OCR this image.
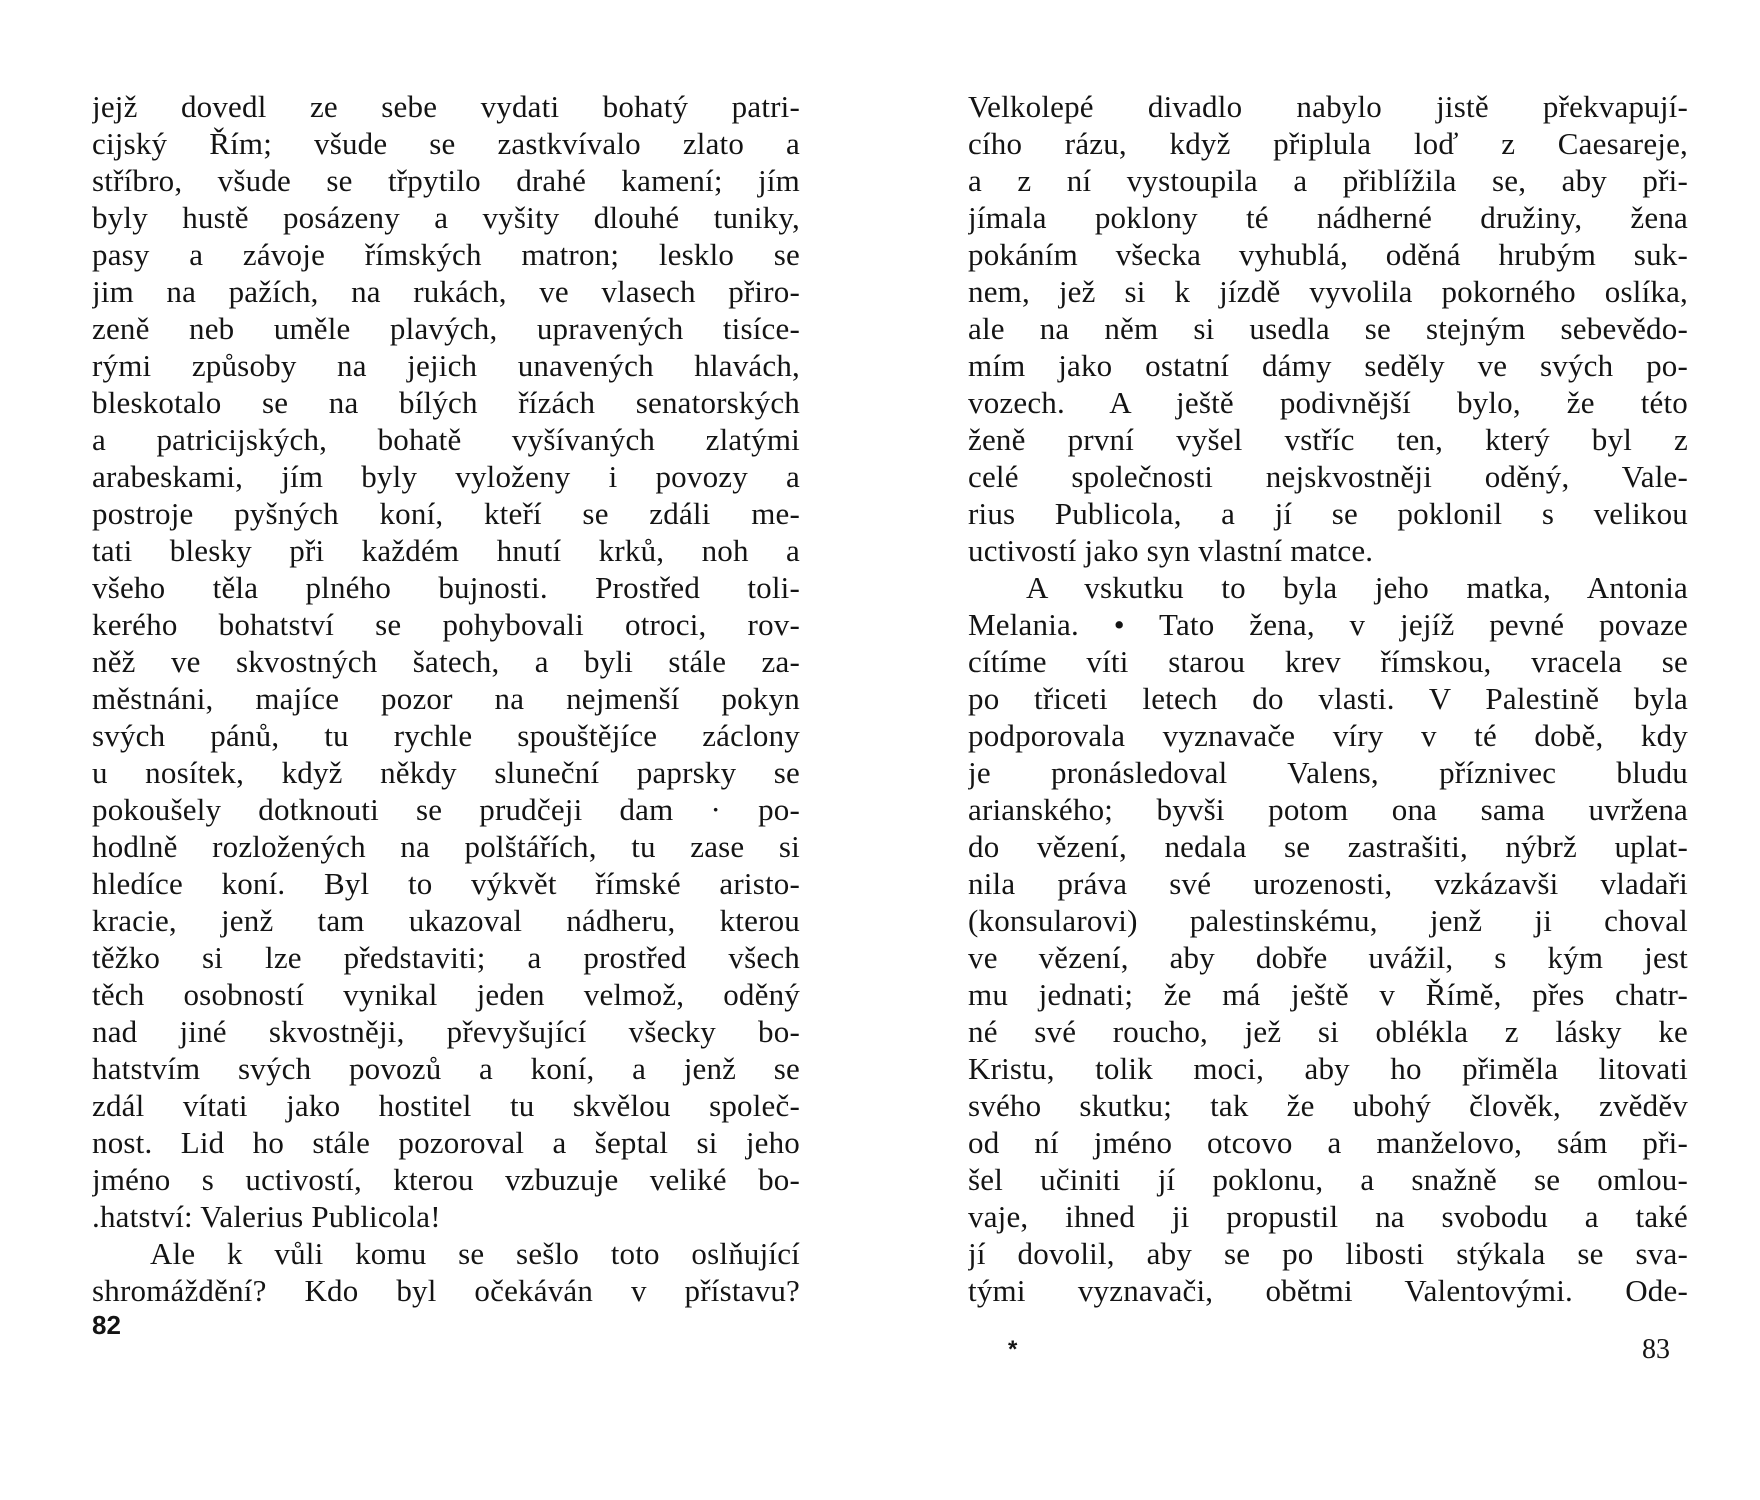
jejž dovedl ze sebe vydati bohatý patri-
cijský Řím; všude se zastkvívalo zlato a
stříbro, všude se třpytilo drahé kamení; jím
byly hustě posázeny a vyšity dlouhé tuniky,
pasy a závoje římských matron; lesklo se
jim na pažích, na rukách, ve vlasech přiro-
zeně neb uměle plavých, upravených tisíce-
rými způsoby na jejich unavených hlavách,
bleskotalo se na bílých řízách senatorských
a patricijských, bohatě vyšívaných zlatými
arabeskami, jím byly vyloženy i povozy a
postroje pyšných koní, kteří se zdáli me-
tati blesky při každém hnutí krků, noh a
všeho těla plného bujnosti. Prostřed toli-
kerého bohatství se pohybovali otroci, rov-
něž ve skvostných šatech, a byli stále za-
městnáni, majíce pozor na nejmenší pokyn
svých pánů, tu rychle spouštějíce záclony
u nosítek, když někdy sluneční paprsky se
pokoušely dotknouti se prudčeji dam · po-
hodlně rozložených na polštářích, tu zase si
hledíce koní. Byl to výkvět římské aristo-
kracie, jenž tam ukazoval nádheru, kterou
těžko si lze představiti; a prostřed všech
těch osobností vynikal jeden velmož, oděný
nad jiné skvostněji, převyšující všecky bo-
hatstvím svých povozů a koní, a jenž se
zdál vítati jako hostitel tu skvělou společ-
nost. Lid ho stále pozoroval a šeptal si jeho
jméno s uctivostí, kterou vzbuzuje veliké bo-
.hatství: Valerius Publicola!
Ale k vůli komu se sešlo toto oslňující
shromáždění? Kdo byl očekáván v přístavu?
Velkolepé divadlo nabylo jistě překvapují-
cího rázu, když připlula loď z Caesareje,
a z ní vystoupila a přiblížila se, aby při-
jímala poklony té nádherné družiny, žena
pokáním všecka vyhublá, oděná hrubým suk-
nem, jež si k jízdě vyvolila pokorného oslíka,
ale na něm si usedla se stejným sebevědo-
mím jako ostatní dámy seděly ve svých po-
vozech. A ještě podivnější bylo, že této
ženě první vyšel vstříc ten, který byl z
celé společnosti nejskvostněji oděný, Vale-
rius Publicola, a jí se poklonil s velikou
uctivostí jako syn vlastní matce.
A vskutku to byla jeho matka, Antonia
Melania. • Tato žena, v jejíž pevné povaze
cítíme víti starou krev římskou, vracela se
po třiceti letech do vlasti. V Palestině byla
podporovala vyznavače víry v té době, kdy
je pronásledoval Valens, příznivec bludu
arianského; byvši potom ona sama uvržena
do vězení, nedala se zastrašiti, nýbrž uplat-
nila práva své urozenosti, vzkázavši vladaři
(konsularovi) palestinskému, jenž ji choval
ve vězení, aby dobře uvážil, s kým jest
mu jednati; že má ještě v Římě, přes chatr-
né své roucho, jež si oblékla z lásky ke
Kristu, tolik moci, aby ho přiměla litovati
svého skutku; tak že ubohý člověk, zvěděv
od ní jméno otcovo a manželovo, sám při-
šel učiniti jí poklonu, a snažně se omlou-
vaje, ihned ji propustil na svobodu a také
jí dovolil, aby se po libosti stýkala se sva-
tými vyznavači, obětmi Valentovými. Ode-
82
*	83
